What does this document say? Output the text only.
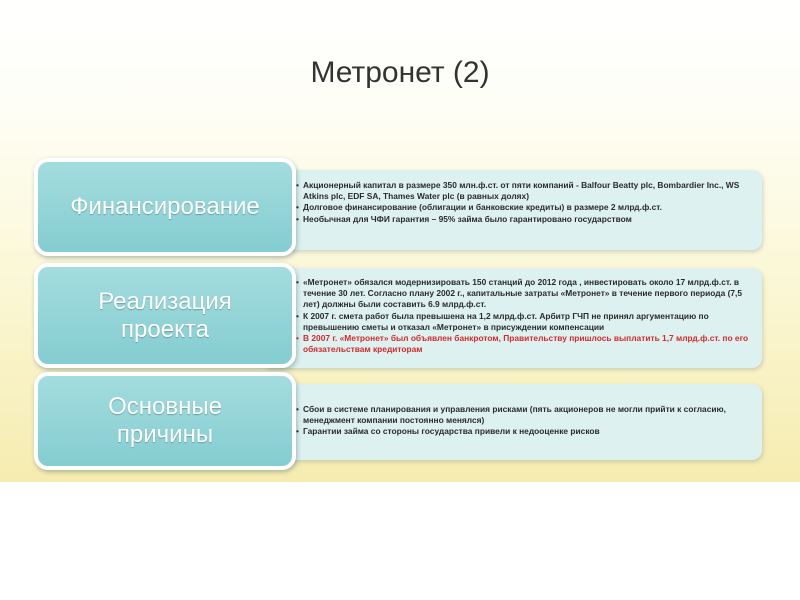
Метронет (2)
• Акционерный капитал в размере 350 млн.ф.ст. от пяти компаний - Balfour Beatty plc, Bombardier Inc., WS Atkins plc, EDF SA, Thames Water plc (в равных долях)
• Долговое финансирование (облигации и банковские кредиты) в размере 2 млрд.ф.ст.
• Необычная для ЧФИ гарантия – 95% займа было гарантировано государством
Финансирование
• «Метронет» обязался модернизировать 150 станций до 2012 года , инвестировать около 17 млрд.ф.ст. в течение 30 лет. Согласно плану 2002 г., капитальные затраты «Метронет» в течение первого периода (7,5 лет) должны были составить 6.9 млрд.ф.ст.
• К 2007 г. смета работ была превышена на 1,2 млрд.ф.ст. Арбитр ГЧП не принял аргументацию по превышению сметы и отказал «Метронет» в присуждении компенсации
• В 2007 г. «Метронет» был объявлен банкротом, Правительству пришлось выплатить 1,7 млрд.ф.ст. по его обязательствам кредиторам
Реализация
проекта
• Сбои в системе планирования и управления рисками (пять акционеров не могли прийти к согласию, менеджмент компании постоянно менялся)
• Гарантии займа со стороны государства привели к недооценке рисков
Основные
причины
